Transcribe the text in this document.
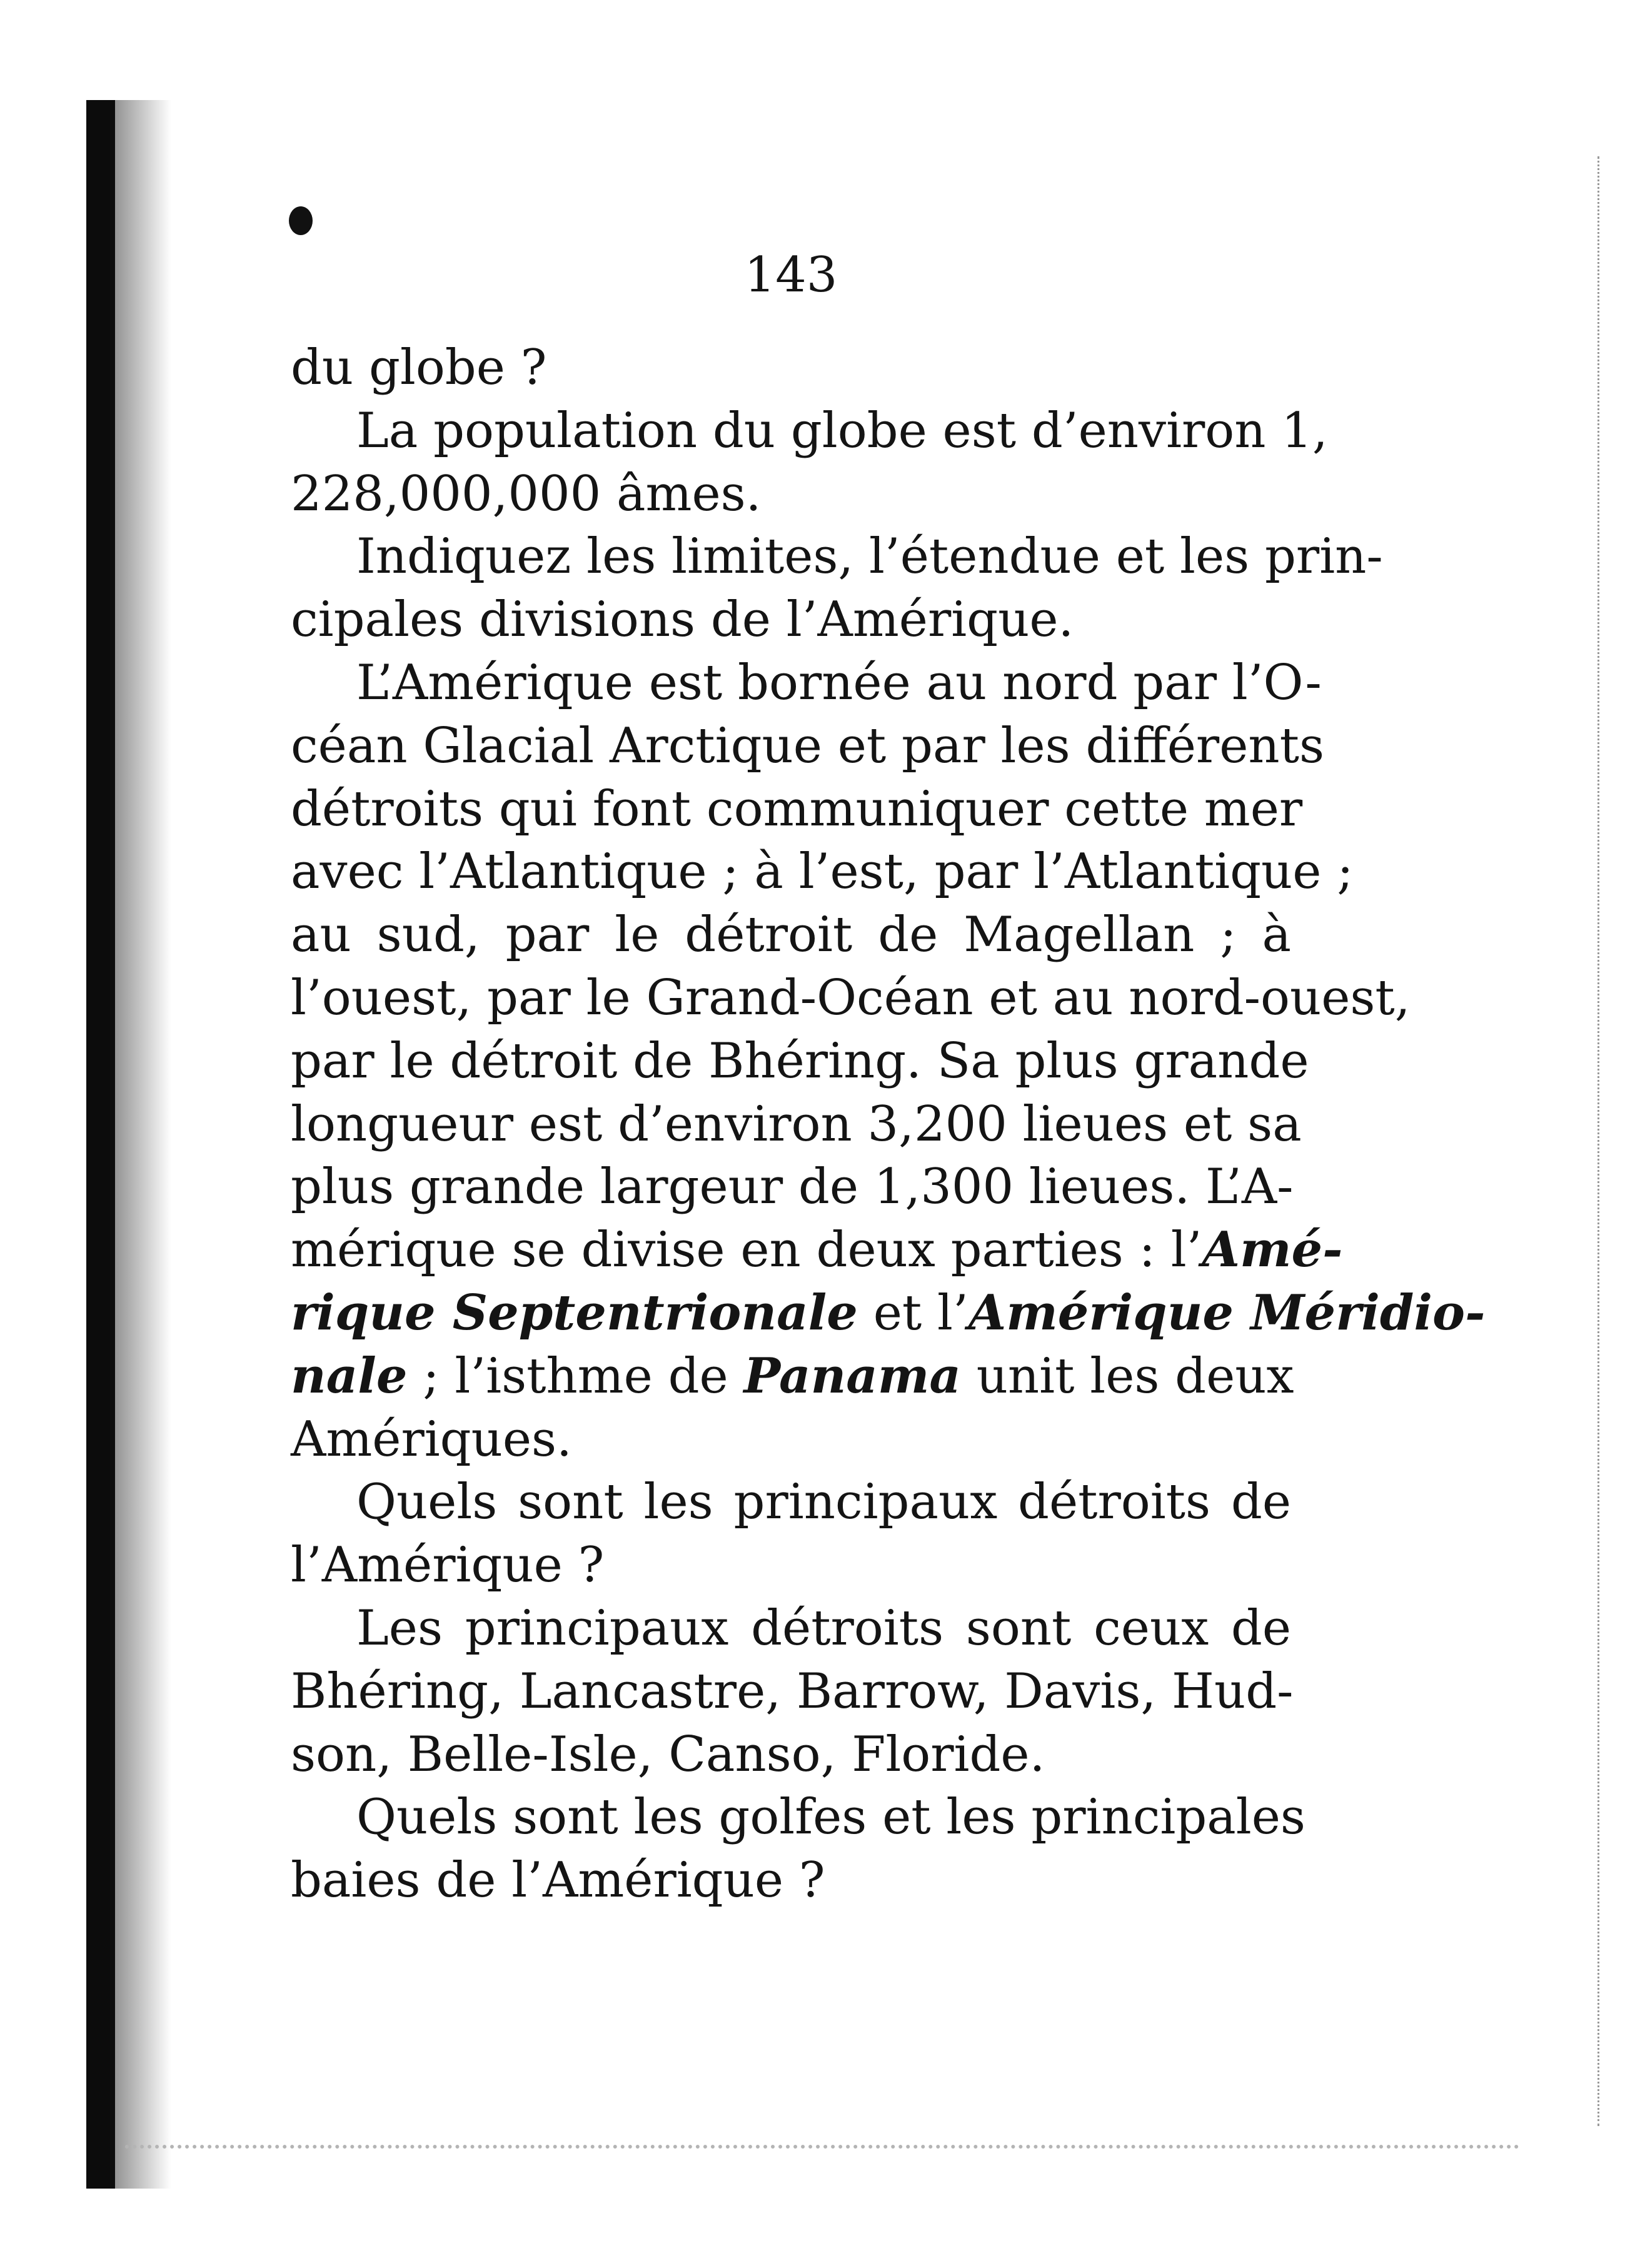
143

du globe ?
La population du globe est d’environ 1,
228,000,000 âmes.
Indiquez les limites, l’étendue et les prin-
cipales divisions de l’Amérique.
L’Amérique est bornée au nord par l’O-
céan Glacial Arctique et par les différents
détroits qui font communiquer cette mer
avec l’Atlantique ; à l’est, par l’Atlantique ;
au sud, par le détroit de Magellan ; à
l’ouest, par le Grand-Océan et au nord-ouest,
par le détroit de Bhéring. Sa plus grande
longueur est d’environ 3,200 lieues et sa
plus grande largeur de 1,300 lieues. L’A-
mérique se divise en deux parties : l’Amé-
rique Septentrionale et l’Amérique Méridio-
nale ; l’isthme de Panama unit les deux
Amériques.
Quels sont les principaux détroits de
l’Amérique ?
Les principaux détroits sont ceux de
Bhéring, Lancastre, Barrow, Davis, Hud-
son, Belle-Isle, Canso, Floride.
Quels sont les golfes et les principales
baies de l’Amérique ?
